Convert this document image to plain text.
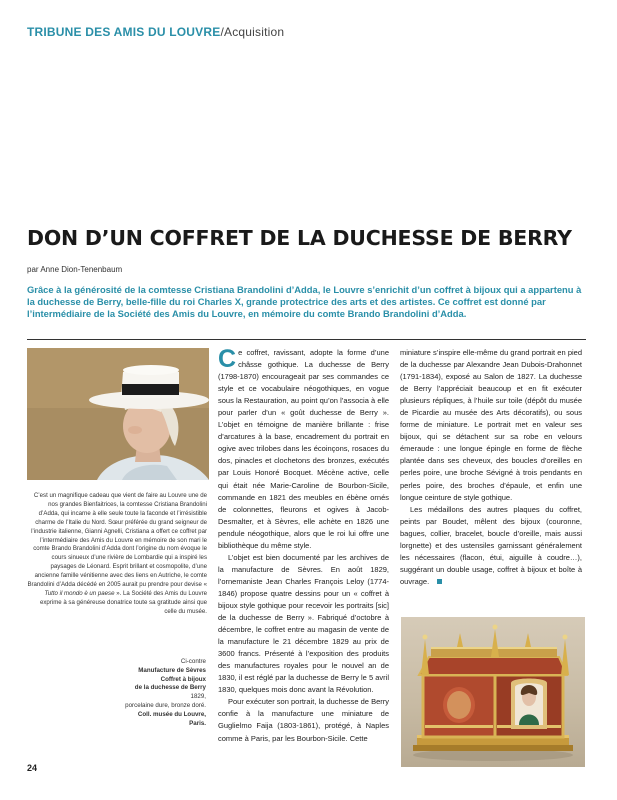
TRIBUNE DES AMIS DU LOUVRE/Acquisition
DON D’UN COFFRET DE LA DUCHESSE DE BERRY
par Anne Dion-Tenenbaum

Grâce à la générosité de la comtesse Cristiana Brandolini d’Adda, le Louvre s’enrichit d’un coffret à bijoux qui a appartenu à la duchesse de Berry, belle-fille du roi Charles X, grande protectrice des arts et des artistes. Ce coffret est donné par l’intermédiaire de la Société des Amis du Louvre, en mémoire du comte Brando Brandolini d’Adda.

C’est un magnifique cadeau que vient de faire au Louvre une de nos grandes Bienfaitrices, la comtesse Cristiana Brandolini d’Adda, qui incarne à elle seule toute la faconde et l’irrésistible charme de l’Italie du Nord. Sœur préférée du grand seigneur de l’industrie italienne, Gianni Agnelli, Cristiana a offert ce coffret par l’intermédiaire des Amis du Louvre en mémoire de son mari le comte Brando Brandolini d’Adda dont l’origine du nom évoque le cours sinueux d’une rivière de Lombardie qui a inspiré les paysages de Léonard. Esprit brillant et cosmopolite, d’une ancienne famille vénitienne avec des liens en Autriche, le comte Brandolini d’Adda décédé en 2005 aurait pu prendre pour devise « Tutto il mondo è un paese ». La Société des Amis du Louvre exprime à sa généreuse donatrice toute sa gratitude ainsi que celle du musée.

Ci-contre
Manufacture de Sèvres
Coffret à bijoux
de la duchesse de Berry
1829,
porcelaine dure, bronze doré.
Coll. musée du Louvre,
Paris.

Ce coffret, ravissant, adopte la forme d’une châsse gothique. La duchesse de Berry (1798-1870) encourageait par ses commandes ce style et ce vocabulaire néogothiques, en vogue sous la Restauration, au point qu’on l’associa à elle pour parler d’un « goût duchesse de Berry ». L’objet en témoigne de manière brillante : frise d’arcatures à la base, encadrement du portrait en ogive avec trilobes dans les écoinçons, rosaces du dos, pinacles et clochetons des bronzes, exécutés par Louis Honoré Bocquet. Mécène active, celle qui était née Marie-Caroline de Bourbon-Sicile, commande en 1821 des meubles en ébène ornés de colonnettes, fleurons et ogives à Jacob-Desmalter, et à Sèvres, elle achète en 1826 une pendule néogothique, alors que le roi lui offre une bibliothèque du même style.

L’objet est bien documenté par les archives de la manufacture de Sèvres. En août 1829, l’ornemaniste Jean Charles François Leloy (1774-1846) propose quatre dessins pour un « coffret à bijoux style gothique pour recevoir les portraits [sic] de la duchesse de Berry ». Fabriqué d’octobre à décembre, le coffret entre au magasin de vente de la manufacture le 21 décembre 1829 au prix de 3600 francs. Présenté à l’exposition des produits des manufactures royales pour le nouvel an de 1830, il est réglé par la duchesse de Berry le 5 avril 1830, quelques mois donc avant la Révolution.

Pour exécuter son portrait, la duchesse de Berry confie à la manufacture une miniature de Guglielmo Faija (1803-1861), protégé, à Naples comme à Paris, par les Bourbon-Sicile. Cette

miniature s’inspire elle-même du grand portrait en pied de la duchesse par Alexandre Jean Dubois-Drahonnet (1791-1834), exposé au Salon de 1827. La duchesse de Berry l’appréciait beaucoup et en fit exécuter plusieurs répliques, à l’huile sur toile (dépôt du musée de Picardie au musée des Arts décoratifs), ou sous forme de miniature. Le portrait met en valeur ses bijoux, qui se détachent sur sa robe en velours émeraude : une longue épingle en forme de flèche plantée dans ses cheveux, des boucles d’oreilles en perles poire, une broche Sévigné à trois pendants en perles poire, des broches d’épaule, et enfin une longue ceinture de style gothique.

Les médaillons des autres plaques du coffret, peints par Boudet, mêlent des bijoux (couronne, bagues, collier, bracelet, boucle d’oreille, mais aussi lorgnette) et des ustensiles garnissant généralement les nécessaires (flacon, étui, aiguille à coudre…), suggérant un double usage, coffret à bijoux et boîte à ouvrage.

24
